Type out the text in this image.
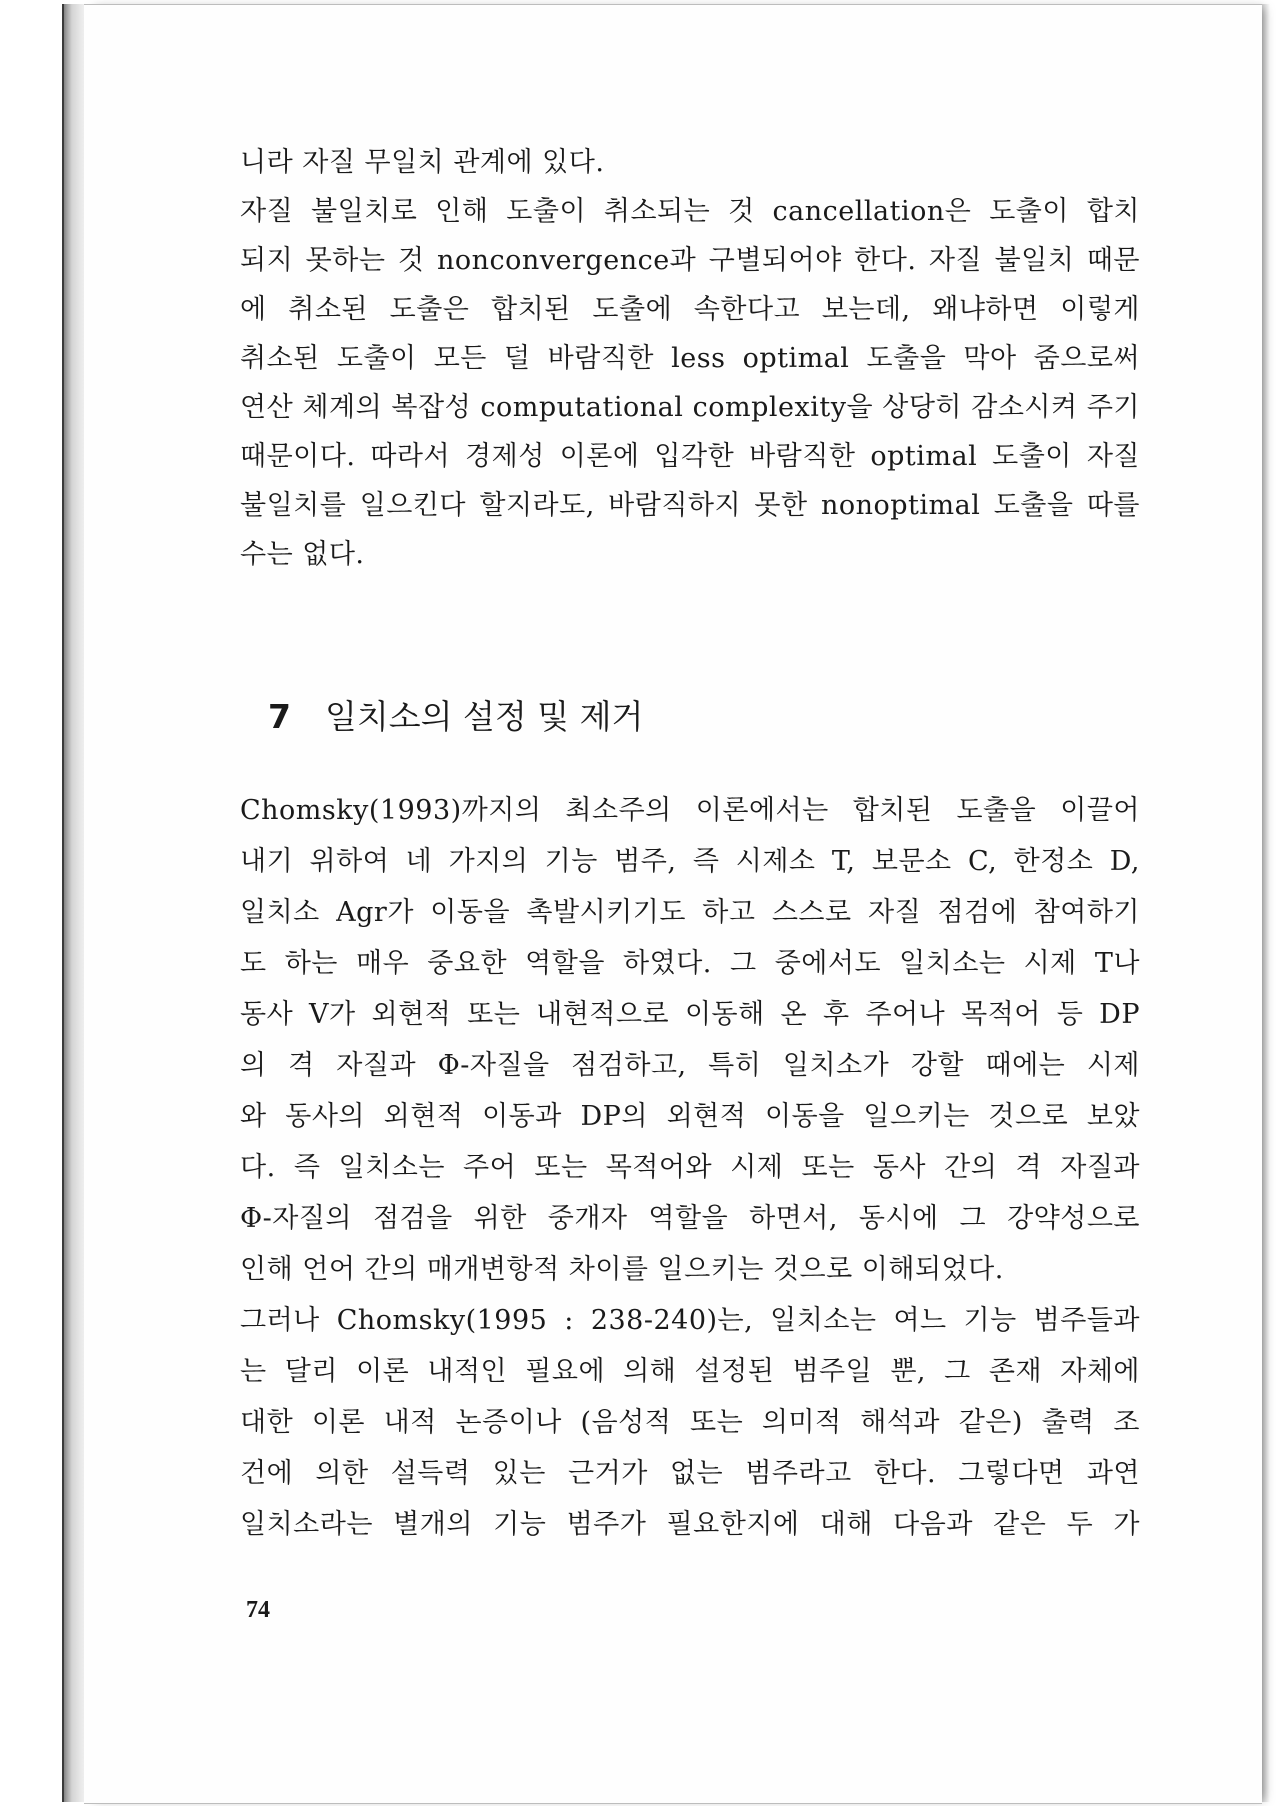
니라 자질 무일치 관계에 있다.
자질 불일치로 인해 도출이 취소되는 것 cancellation은 도출이 합치
되지 못하는 것 nonconvergence과 구별되어야 한다. 자질 불일치 때문
에 취소된 도출은 합치된 도출에 속한다고 보는데, 왜냐하면 이렇게
취소된 도출이 모든 덜 바람직한 less optimal 도출을 막아 줌으로써
연산 체계의 복잡성 computational complexity을 상당히 감소시켜 주기
때문이다. 따라서 경제성 이론에 입각한 바람직한 optimal 도출이 자질
불일치를 일으킨다 할지라도, 바람직하지 못한 nonoptimal 도출을 따를
수는 없다.
7 일치소의 설정 및 제거
Chomsky(1993)까지의 최소주의 이론에서는 합치된 도출을 이끌어
내기 위하여 네 가지의 기능 범주, 즉 시제소 T, 보문소 C, 한정소 D,
일치소 Agr가 이동을 촉발시키기도 하고 스스로 자질 점검에 참여하기
도 하는 매우 중요한 역할을 하였다. 그 중에서도 일치소는 시제 T나
동사 V가 외현적 또는 내현적으로 이동해 온 후 주어나 목적어 등 DP
의 격 자질과 Φ-자질을 점검하고, 특히 일치소가 강할 때에는 시제
와 동사의 외현적 이동과 DP의 외현적 이동을 일으키는 것으로 보았
다. 즉 일치소는 주어 또는 목적어와 시제 또는 동사 간의 격 자질과
Φ-자질의 점검을 위한 중개자 역할을 하면서, 동시에 그 강약성으로
인해 언어 간의 매개변항적 차이를 일으키는 것으로 이해되었다.
그러나 Chomsky(1995 : 238-240)는, 일치소는 여느 기능 범주들과
는 달리 이론 내적인 필요에 의해 설정된 범주일 뿐, 그 존재 자체에
대한 이론 내적 논증이나 (음성적 또는 의미적 해석과 같은) 출력 조
건에 의한 설득력 있는 근거가 없는 범주라고 한다. 그렇다면 과연
일치소라는 별개의 기능 범주가 필요한지에 대해 다음과 같은 두 가
74
